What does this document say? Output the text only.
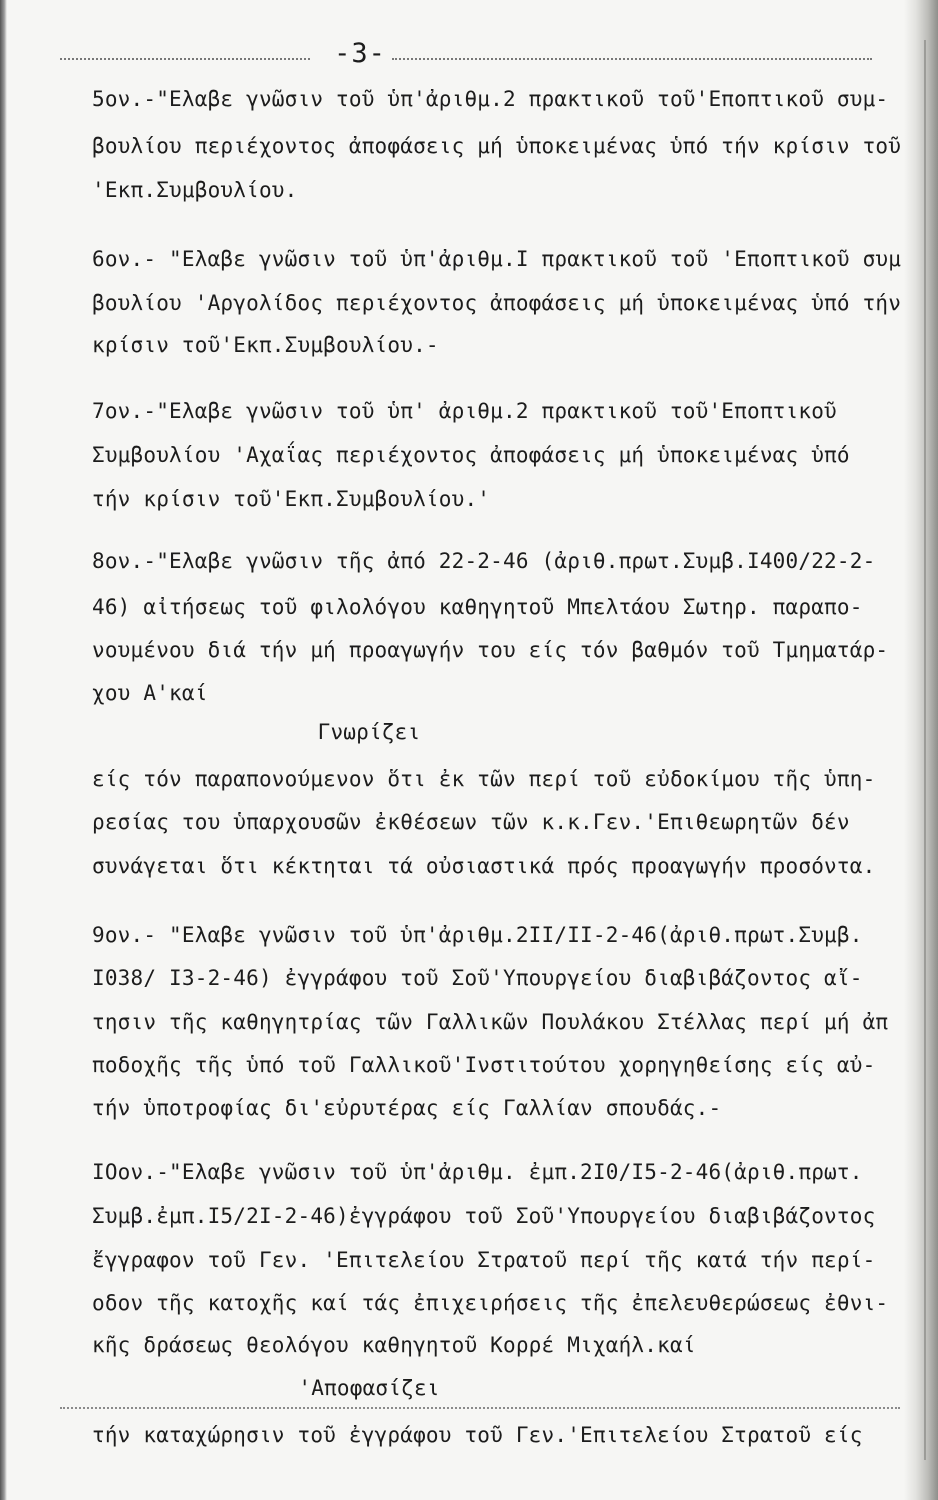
-3-
5ον.-"Ελαβε γνῶσιν τοῦ ὑπ'ἀριθμ.2 πρακτικοῦ τοῦ'Εποπτικοῦ συμ-
βουλίου περιέχοντος ἀποφάσεις μή ὑποκειμένας ὑπό τήν κρίσιν τοῦ
'Εκπ.Συμβουλίου.
6ον.- "Ελαβε γνῶσιν τοῦ ὑπ'ἀριθμ.Ι πρακτικοῦ τοῦ 'Εποπτικοῦ συμ
βουλίου 'Αργολίδος περιέχοντος ἀποφάσεις μή ὑποκειμένας ὑπό τήν
κρίσιν τοῦ'Εκπ.Συμβουλίου.-
7ον.-"Ελαβε γνῶσιν τοῦ ὑπ' ἀριθμ.2 πρακτικοῦ τοῦ'Εποπτικοῦ
Συμβουλίου 'Αχαΐας περιέχοντος ἀποφάσεις μή ὑποκειμένας ὑπό
τήν κρίσιν τοῦ'Εκπ.Συμβουλίου.'
8ον.-"Ελαβε γνῶσιν τῆς ἀπό 22-2-46 (ἀριθ.πρωτ.Συμβ.Ι400/22-2-
46) αἰτήσεως τοῦ φιλολόγου καθηγητοῦ Μπελτάου Σωτηρ. παραπο-
νουμένου διά τήν μή προαγωγήν του είς τόν βαθμόν τοῦ Τμηματάρ-
χου Α'καί
Γνωρίζει
είς τόν παραπονούμενον ὅτι ἐκ τῶν περί τοῦ εὐδοκίμου τῆς ὑπη-
ρεσίας του ὑπαρχουσῶν ἐκθέσεων τῶν κ.κ.Γεν.'Επιθεωρητῶν δέν
συνάγεται ὅτι κέκτηται τά οὐσιαστικά πρός προαγωγήν προσόντα.
9ον.- "Ελαβε γνῶσιν τοῦ ὑπ'ἀριθμ.2ΙΙ/ΙΙ-2-46(ἀριθ.πρωτ.Συμβ.
Ι038/ Ι3-2-46) ἐγγράφου τοῦ Σοῦ'Υπουργείου διαβιβάζοντος αἴ-
τησιν τῆς καθηγητρίας τῶν Γαλλικῶν Πουλάκου Στέλλας περί μή ἀπ
ποδοχῆς τῆς ὑπό τοῦ Γαλλικοῦ'Ινστιτούτου χορηγηθείσης είς αὐ-
τήν ὑποτροφίας δι'εὐρυτέρας είς Γαλλίαν σπουδάς.-
ΙΟον.-"Ελαβε γνῶσιν τοῦ ὑπ'ἀριθμ. ἐμπ.2Ι0/Ι5-2-46(ἀριθ.πρωτ.
Συμβ.ἐμπ.Ι5/2Ι-2-46)ἐγγράφου τοῦ Σοῦ'Υπουργείου διαβιβάζοντος
ἔγγραφον τοῦ Γεν. 'Επιτελείου Στρατοῦ περί τῆς κατά τήν περί-
οδον τῆς κατοχῆς καί τάς ἐπιχειρήσεις τῆς ἐπελευθερώσεως ἐθνι-
κῆς δράσεως θεολόγου καθηγητοῦ Κορρέ Μιχαήλ.καί
'Αποφασίζει
τήν καταχώρησιν τοῦ ἐγγράφου τοῦ Γεν.'Επιτελείου Στρατοῦ είς
